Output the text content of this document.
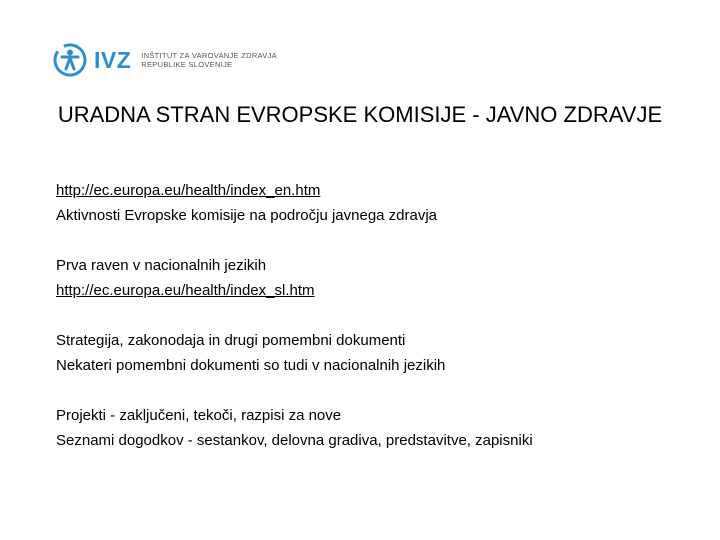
IVZ INŠTITUT ZA VAROVANJE ZDRAVJA
REPUBLIKE SLOVENIJE
URADNA STRAN EVROPSKE KOMISIJE - JAVNO ZDRAVJE
http://ec.europa.eu/health/index_en.htm
Aktivnosti Evropske komisije na področju javnega zdravja
Prva raven v nacionalnih jezikih
http://ec.europa.eu/health/index_sl.htm
Strategija, zakonodaja in drugi pomembni dokumenti
Nekateri pomembni dokumenti so tudi v nacionalnih jezikih
Projekti - zaključeni, tekoči, razpisi za nove
Seznami dogodkov - sestankov, delovna gradiva, predstavitve, zapisniki
